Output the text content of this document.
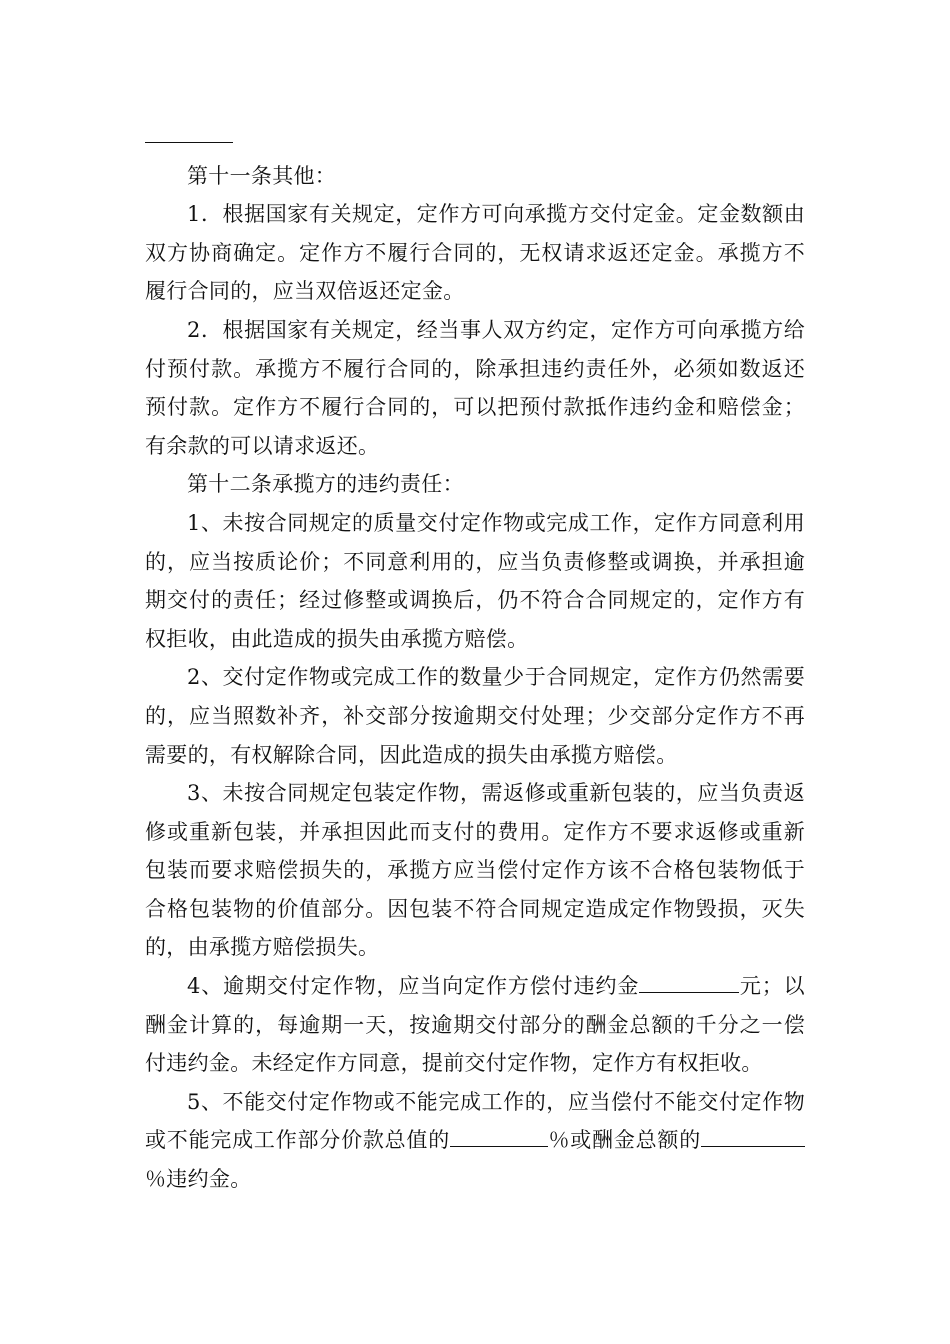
第十一条其他：

1．根据国家有关规定，定作方可向承揽方交付定金。定金数额由双方协商确定。定作方不履行合同的，无权请求返还定金。承揽方不履行合同的，应当双倍返还定金。

2．根据国家有关规定，经当事人双方约定，定作方可向承揽方给付预付款。承揽方不履行合同的，除承担违约责任外，必须如数返还预付款。定作方不履行合同的，可以把预付款抵作违约金和赔偿金；有余款的可以请求返还。

第十二条承揽方的违约责任：

1、未按合同规定的质量交付定作物或完成工作，定作方同意利用的，应当按质论价；不同意利用的，应当负责修整或调换，并承担逾期交付的责任；经过修整或调换后，仍不符合合同规定的，定作方有权拒收，由此造成的损失由承揽方赔偿。

2、交付定作物或完成工作的数量少于合同规定，定作方仍然需要的，应当照数补齐，补交部分按逾期交付处理；少交部分定作方不再需要的，有权解除合同，因此造成的损失由承揽方赔偿。

3、未按合同规定包装定作物，需返修或重新包装的，应当负责返修或重新包装，并承担因此而支付的费用。定作方不要求返修或重新包装而要求赔偿损失的，承揽方应当偿付定作方该不合格包装物低于合格包装物的价值部分。因包装不符合同规定造成定作物毁损，灭失的，由承揽方赔偿损失。

4、逾期交付定作物，应当向定作方偿付违约金	元；以酬金计算的，每逾期一天，按逾期交付部分的酬金总额的千分之一偿付违约金。未经定作方同意，提前交付定作物，定作方有权拒收。

5、不能交付定作物或不能完成工作的，应当偿付不能交付定作物或不能完成工作部分价款总值的	％或酬金总额的％违约金。
